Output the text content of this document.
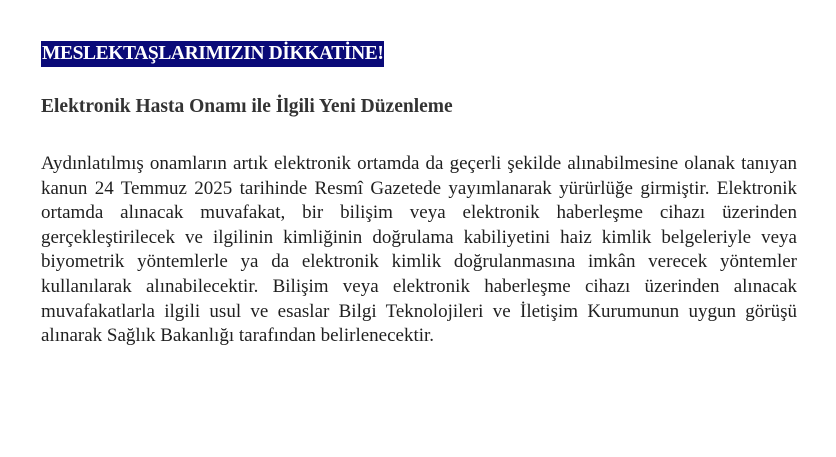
MESLEKTAŞLARIMIZIN DİKKATİNE!
Elektronik Hasta Onamı ile İlgili Yeni Düzenleme

Aydınlatılmış onamların artık elektronik ortamda da geçerli şekilde alınabilmesine olanak tanıyan kanun 24 Temmuz 2025 tarihinde Resmî Gazetede yayımlanarak yürürlüğe girmiştir. Elektronik ortamda alınacak muvafakat, bir bilişim veya elektronik haberleşme cihazı üzerinden gerçekleştirilecek ve ilgilinin kimliğinin doğrulama kabiliyetini haiz kimlik belgeleriyle veya biyometrik yöntemlerle ya da elektronik kimlik doğrulanmasına imkân verecek yöntemler kullanılarak alınabilecektir. Bilişim veya elektronik haberleşme cihazı üzerinden alınacak muvafakatlarla ilgili usul ve esaslar Bilgi Teknolojileri ve İletişim Kurumunun uygun görüşü alınarak Sağlık Bakanlığı tarafından belirlenecektir.
